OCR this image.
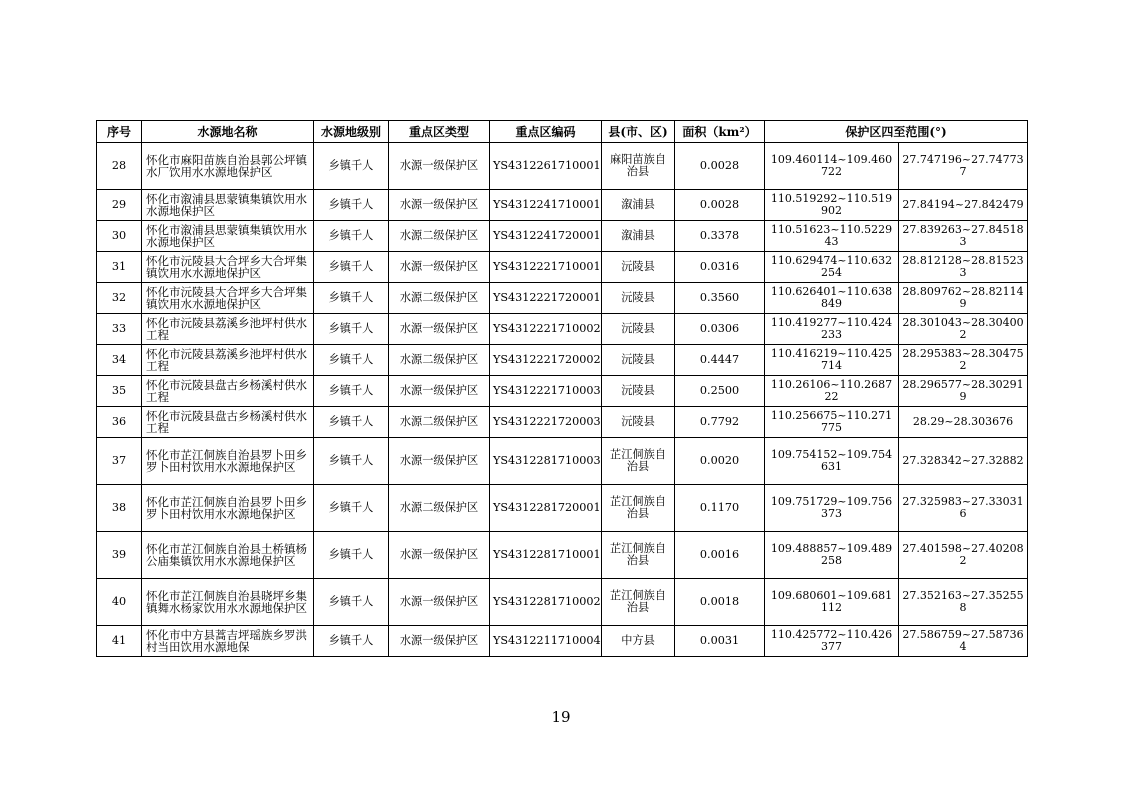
序号	水源地名称	水源地级别	重点区类型	重点区编码	县(市、区)	面积（km²）	保护区四至范围(°)	
28	怀化市麻阳苗族自治县郭公坪镇水厂饮用水水源地保护区	乡镇千人	水源一级保护区	YS4312261710001	麻阳苗族自治县	0.0028	109.460114~109.460722	27.747196~27.747737
29	怀化市溆浦县思蒙镇集镇饮用水水源地保护区	乡镇千人	水源一级保护区	YS4312241710001	溆浦县	0.0028	110.519292~110.519902	27.84194~27.842479
30	怀化市溆浦县思蒙镇集镇饮用水水源地保护区	乡镇千人	水源二级保护区	YS4312241720001	溆浦县	0.3378	110.51623~110.522943	27.839263~27.845183
31	怀化市沅陵县大合坪乡大合坪集镇饮用水水源地保护区	乡镇千人	水源一级保护区	YS4312221710001	沅陵县	0.0316	110.629474~110.632254	28.812128~28.815233
32	怀化市沅陵县大合坪乡大合坪集镇饮用水水源地保护区	乡镇千人	水源二级保护区	YS4312221720001	沅陵县	0.3560	110.626401~110.638849	28.809762~28.821149
33	怀化市沅陵县荔溪乡池坪村供水工程	乡镇千人	水源一级保护区	YS4312221710002	沅陵县	0.0306	110.419277~110.424233	28.301043~28.304002
34	怀化市沅陵县荔溪乡池坪村供水工程	乡镇千人	水源二级保护区	YS4312221720002	沅陵县	0.4447	110.416219~110.425714	28.295383~28.304752
35	怀化市沅陵县盘古乡杨溪村供水工程	乡镇千人	水源一级保护区	YS4312221710003	沅陵县	0.2500	110.26106~110.268722	28.296577~28.302919
36	怀化市沅陵县盘古乡杨溪村供水工程	乡镇千人	水源二级保护区	YS4312221720003	沅陵县	0.7792	110.256675~110.271775	28.29~28.303676
37	怀化市芷江侗族自治县罗卜田乡罗卜田村饮用水水源地保护区	乡镇千人	水源一级保护区	YS4312281710003	芷江侗族自治县	0.0020	109.754152~109.754631	27.328342~27.32882
38	怀化市芷江侗族自治县罗卜田乡罗卜田村饮用水水源地保护区	乡镇千人	水源二级保护区	YS4312281720001	芷江侗族自治县	0.1170	109.751729~109.756373	27.325983~27.330316
39	怀化市芷江侗族自治县土桥镇杨公庙集镇饮用水水源地保护区	乡镇千人	水源一级保护区	YS4312281710001	芷江侗族自治县	0.0016	109.488857~109.489258	27.401598~27.402082
40	怀化市芷江侗族自治县晓坪乡集镇舞水杨家饮用水水源地保护区	乡镇千人	水源一级保护区	YS4312281710002	芷江侗族自治县	0.0018	109.680601~109.681112	27.352163~27.352558
41	怀化市中方县蒿吉坪瑶族乡罗洪村当田饮用水源地保	乡镇千人	水源一级保护区	YS4312211710004	中方县	0.0031	110.425772~110.426377	27.586759~27.587364
19
